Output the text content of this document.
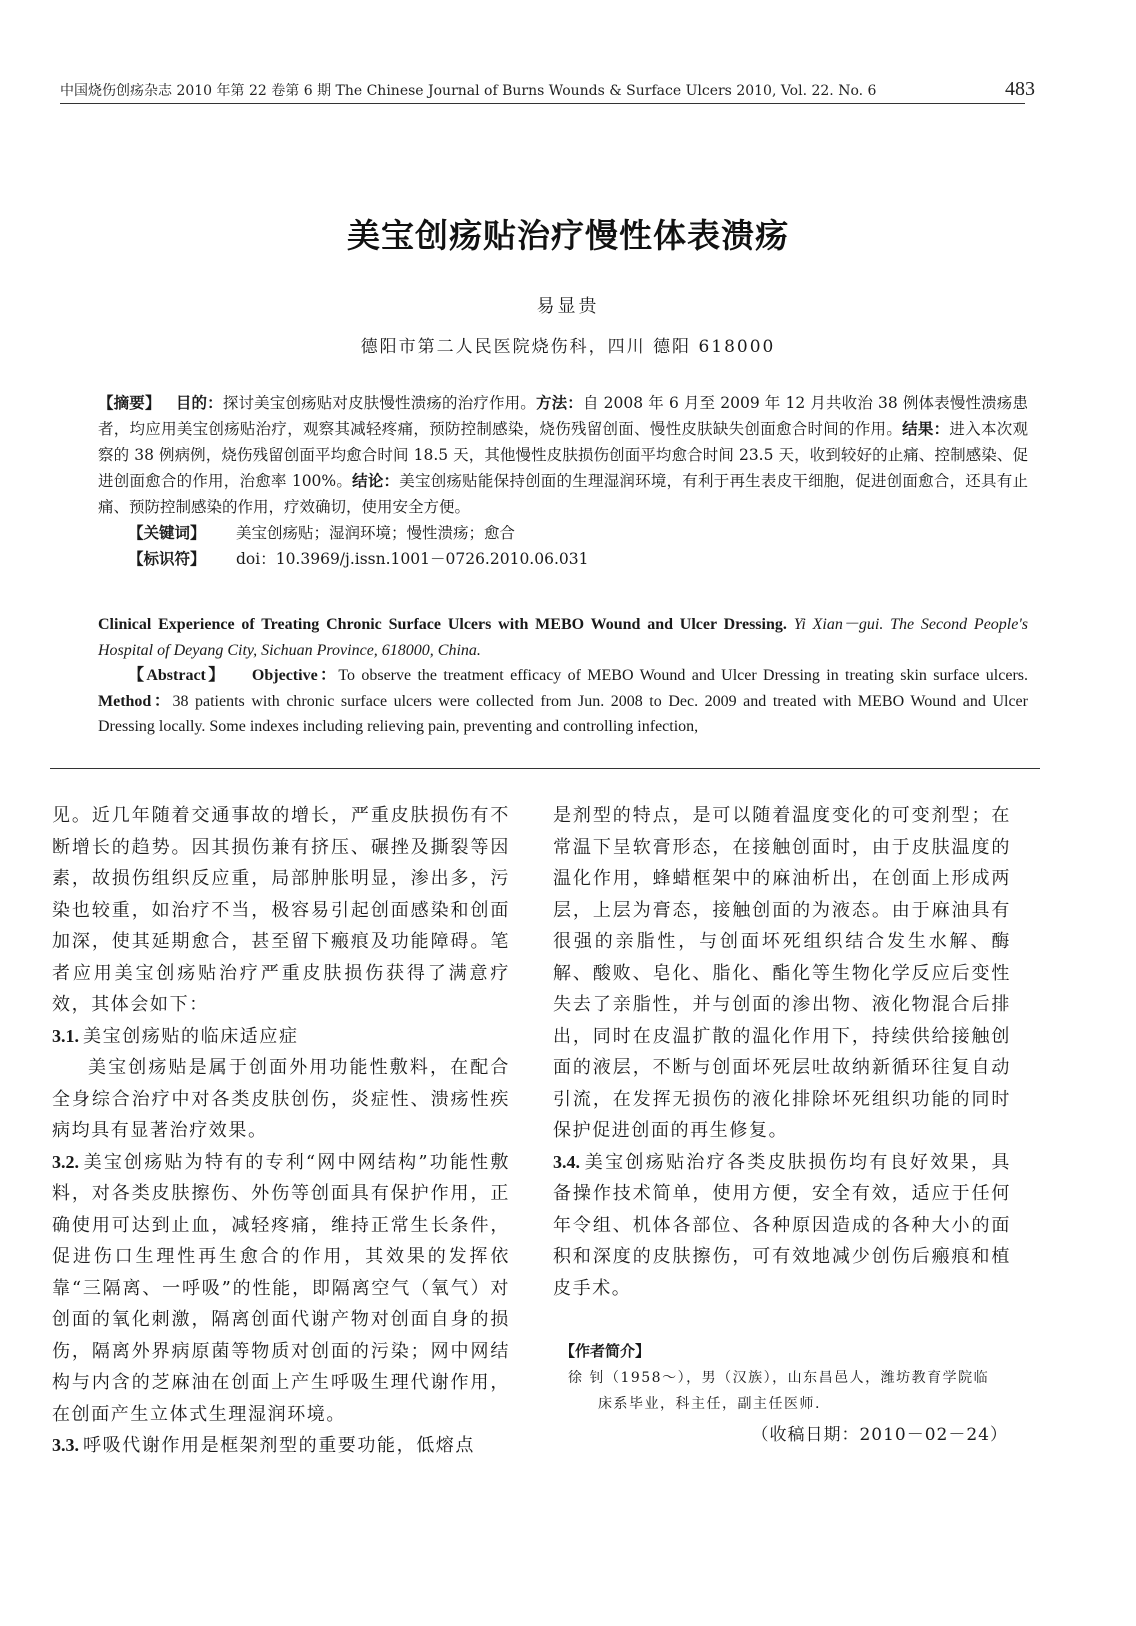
中国烧伤创疡杂志 2010 年第 22 卷第 6 期 The Chinese Journal of Burns Wounds & Surface Ulcers 2010, Vol. 22. No. 6	483
美宝创疡贴治疗慢性体表溃疡
易显贵
德阳市第二人民医院烧伤科，四川 德阳 618000

【摘要】 目的：探讨美宝创疡贴对皮肤慢性溃疡的治疗作用。方法：自 2008 年 6 月至 2009 年 12 月共收治 38 例体表慢性溃疡患者，均应用美宝创疡贴治疗，观察其减轻疼痛，预防控制感染，烧伤残留创面、慢性皮肤缺失创面愈合时间的作用。结果：进入本次观察的 38 例病例，烧伤残留创面平均愈合时间 18.5 天，其他慢性皮肤损伤创面平均愈合时间 23.5 天，收到较好的止痛、控制感染、促进创面愈合的作用，治愈率 100%。结论：美宝创疡贴能保持创面的生理湿润环境，有利于再生表皮干细胞，促进创面愈合，还具有止痛、预防控制感染的作用，疗效确切，使用安全方便。

【关键词】 美宝创疡贴；湿润环境；慢性溃疡；愈合

【标识符】 doi：10.3969/j.issn.1001－0726.2010.06.031

Clinical Experience of Treating Chronic Surface Ulcers with MEBO Wound and Ulcer Dressing. Yi Xian－gui. The Second People's Hospital of Deyang City, Sichuan Province, 618000, China.

【Abstract】 Objective：To observe the treatment efficacy of MEBO Wound and Ulcer Dressing in treating skin surface ulcers. Method：38 patients with chronic surface ulcers were collected from Jun. 2008 to Dec. 2009 and treated with MEBO Wound and Ulcer Dressing locally. Some indexes including relieving pain, preventing and controlling infection,

见。近几年随着交通事故的增长，严重皮肤损伤有不断增长的趋势。因其损伤兼有挤压、碾挫及撕裂等因素，故损伤组织反应重，局部肿胀明显，渗出多，污染也较重，如治疗不当，极容易引起创面感染和创面加深，使其延期愈合，甚至留下瘢痕及功能障碍。笔者应用美宝创疡贴治疗严重皮肤损伤获得了满意疗效，其体会如下：

3.1. 美宝创疡贴的临床适应症

美宝创疡贴是属于创面外用功能性敷料，在配合全身综合治疗中对各类皮肤创伤，炎症性、溃疡性疾病均具有显著治疗效果。

3.2. 美宝创疡贴为特有的专利“网中网结构”功能性敷料，对各类皮肤擦伤、外伤等创面具有保护作用，正确使用可达到止血，减轻疼痛，维持正常生长条件，促进伤口生理性再生愈合的作用，其效果的发挥依靠“三隔离、一呼吸”的性能，即隔离空气（氧气）对创面的氧化刺激，隔离创面代谢产物对创面自身的损伤，隔离外界病原菌等物质对创面的污染；网中网结构与内含的芝麻油在创面上产生呼吸生理代谢作用，在创面产生立体式生理湿润环境。

3.3. 呼吸代谢作用是框架剂型的重要功能，低熔点

是剂型的特点，是可以随着温度变化的可变剂型；在常温下呈软膏形态，在接触创面时，由于皮肤温度的温化作用，蜂蜡框架中的麻油析出，在创面上形成两层，上层为膏态，接触创面的为液态。由于麻油具有很强的亲脂性，与创面坏死组织结合发生水解、酶解、酸败、皂化、脂化、酯化等生物化学反应后变性失去了亲脂性，并与创面的渗出物、液化物混合后排出，同时在皮温扩散的温化作用下，持续供给接触创面的液层，不断与创面坏死层吐故纳新循环往复自动引流，在发挥无损伤的液化排除坏死组织功能的同时保护促进创面的再生修复。

3.4. 美宝创疡贴治疗各类皮肤损伤均有良好效果，具备操作技术简单，使用方便，安全有效，适应于任何年令组、机体各部位、各种原因造成的各种大小的面积和深度的皮肤擦伤，可有效地减少创伤后瘢痕和植皮手术。

【作者简介】

徐 钊（1958～），男（汉族），山东昌邑人，潍坊教育学院临

床系毕业，科主任，副主任医师.

（收稿日期：2010－02－24）
